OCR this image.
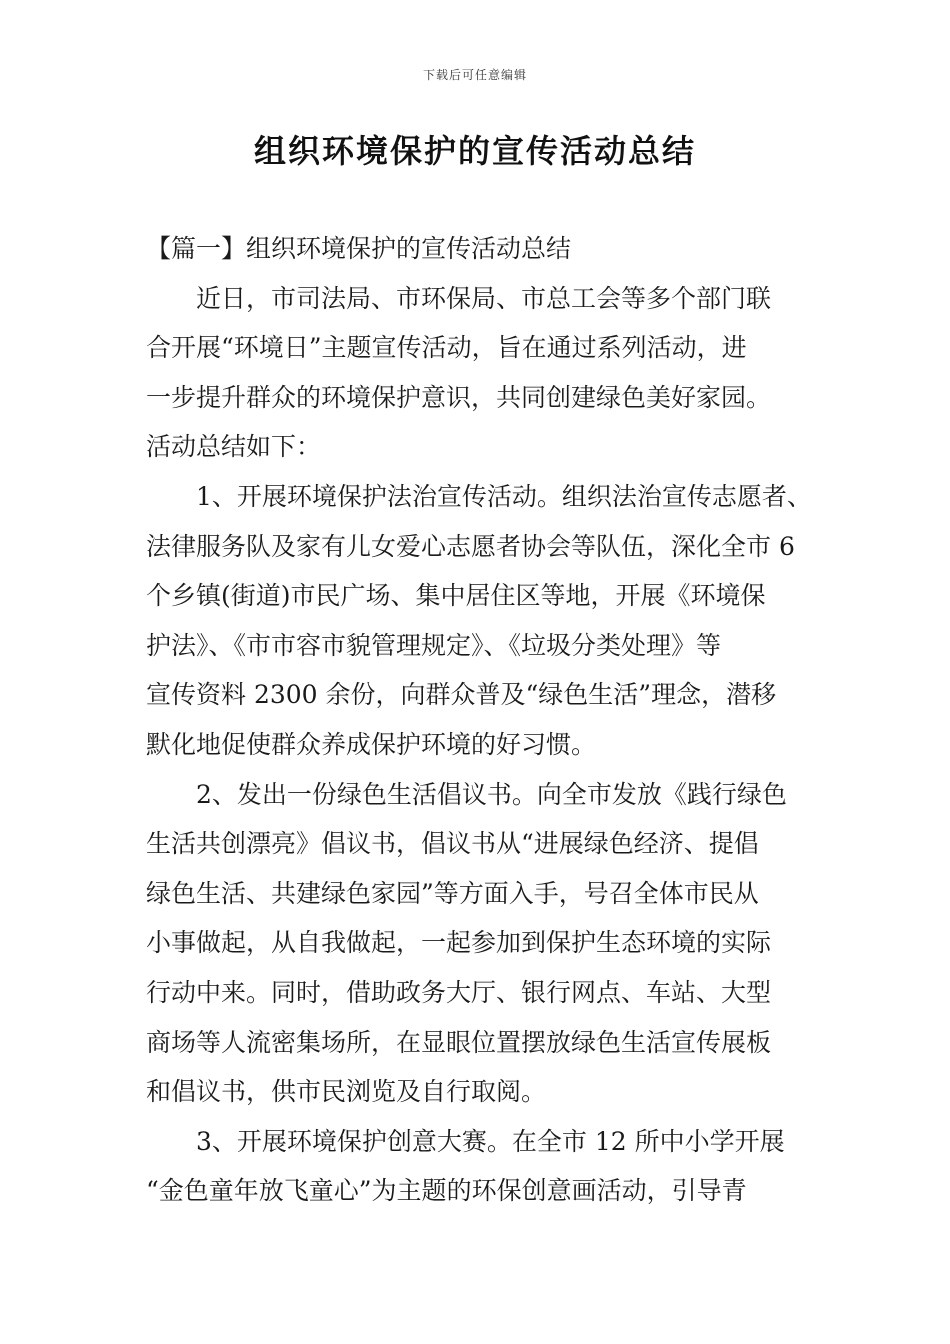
下载后可任意编辑
组织环境保护的宣传活动总结
【篇一】组织环境保护的宣传活动总结
　　近日，市司法局、市环保局、市总工会等多个部门联
合开展“环境日”主题宣传活动，旨在通过系列活动，进
一步提升群众的环境保护意识，共同创建绿色美好家园。
活动总结如下：
　　1、开展环境保护法治宣传活动。组织法治宣传志愿者、
法律服务队及家有儿女爱心志愿者协会等队伍，深化全市 6
个乡镇(街道)市民广场、集中居住区等地，开展《环境保
护法》、《市市容市貌管理规定》、《垃圾分类处理》等
宣传资料 2300 余份，向群众普及“绿色生活”理念，潜移
默化地促使群众养成保护环境的好习惯。
　　2、发出一份绿色生活倡议书。向全市发放《践行绿色
生活共创漂亮》倡议书，倡议书从“进展绿色经济、提倡
绿色生活、共建绿色家园”等方面入手，号召全体市民从
小事做起，从自我做起，一起参加到保护生态环境的实际
行动中来。同时，借助政务大厅、银行网点、车站、大型
商场等人流密集场所，在显眼位置摆放绿色生活宣传展板
和倡议书，供市民浏览及自行取阅。
　　3、开展环境保护创意大赛。在全市 12 所中小学开展
“金色童年放飞童心”为主题的环保创意画活动，引导青
